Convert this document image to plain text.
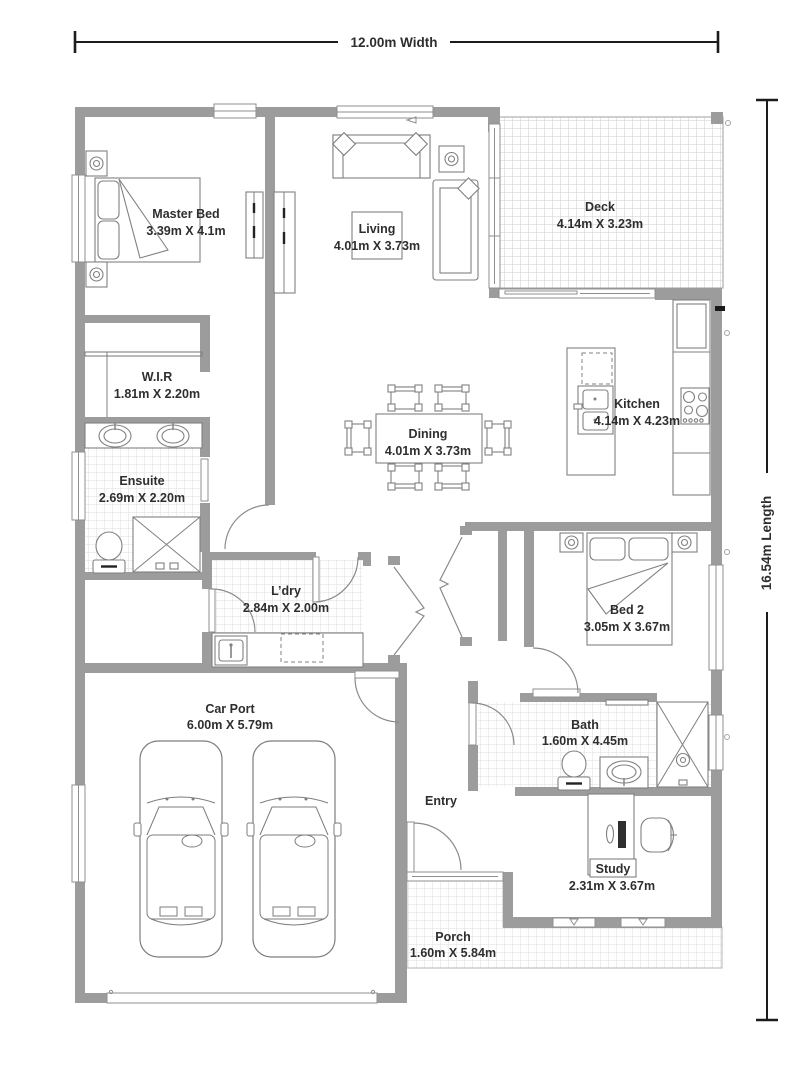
12.00m Width
16.54m Length
Master Bed
3.39m X 4.1m	Living
4.01m X 3.73m
Deck
4.14m X 3.23m
W.I.R
1.81m X 2.20m
Kitchen
4.14m X 4.23m
Dining
4.01m X 3.73m
Ensuite
2.69m X 2.20m
L’dry
2.84m X 2.00m	Bed 2
3.05m X 3.67m
Car Port
6.00m X 5.79m	Bath
1.60m X 4.45m
Entry
Study
2.31m X 3.67m
Porch
1.60m X 5.84m
